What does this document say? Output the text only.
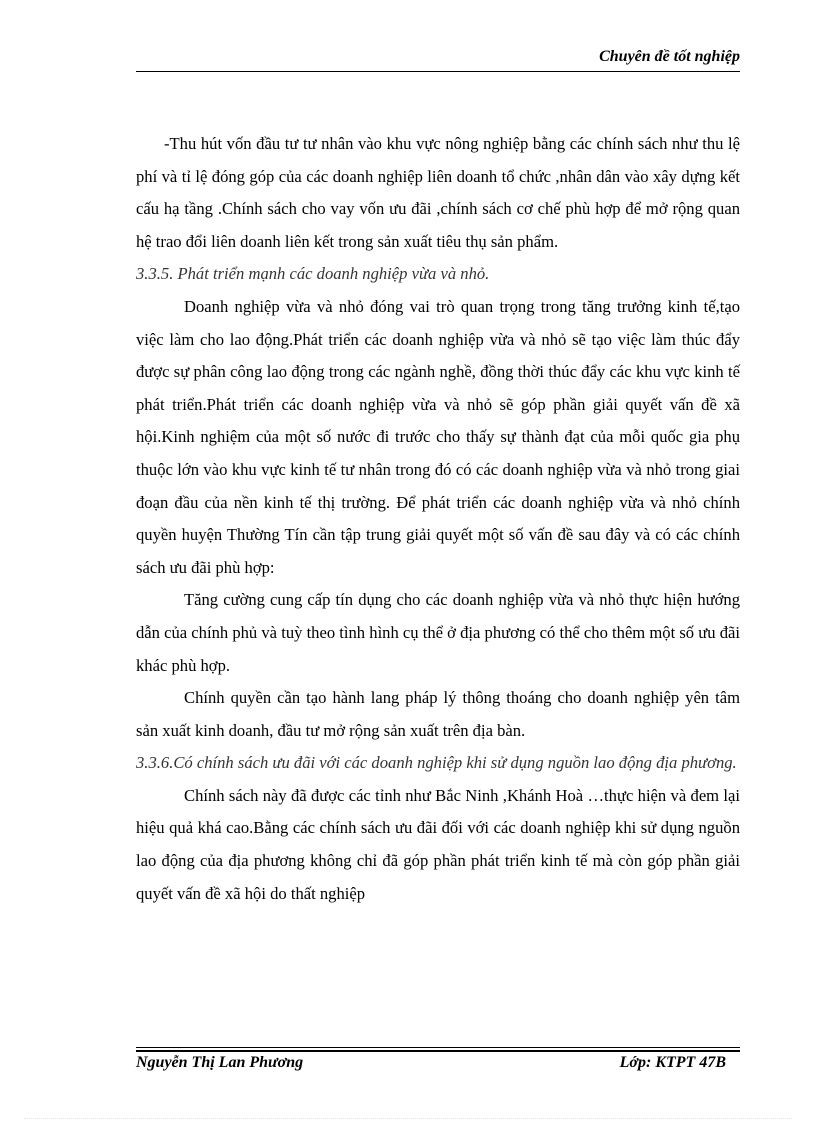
Chuyên đề tốt nghiệp

-Thu hút vốn đầu tư tư nhân vào khu vực nông nghiệp bằng các chính sách như thu lệ phí và tỉ lệ đóng góp của các doanh nghiệp liên doanh tổ chức ,nhân dân vào xây dựng kết cấu hạ tầng .Chính sách cho vay vốn ưu đãi ,chính sách cơ chế phù hợp để mở rộng quan hệ trao đổi liên doanh liên kết trong sản xuất tiêu thụ sản phẩm.

3.3.5. Phát triển mạnh các doanh nghiệp vừa và nhỏ.

Doanh nghiệp vừa và nhỏ đóng vai trò quan trọng trong tăng trưởng kinh tế,tạo việc làm cho lao động.Phát triển các doanh nghiệp vừa và nhỏ sẽ tạo việc làm thúc đẩy được sự phân công lao động trong các ngành nghề, đồng thời thúc đẩy các khu vực kinh tế phát triển.Phát triển các doanh nghiệp vừa và nhỏ sẽ góp phần giải quyết vấn đề xã hội.Kinh nghiệm của một số nước đi trước cho thấy sự thành đạt của mỗi quốc gia phụ thuộc lớn vào khu vực kinh tế tư nhân trong đó có các doanh nghiệp vừa và nhỏ trong giai đoạn đầu của nền kinh tế thị trường. Để phát triển các doanh nghiệp vừa và nhỏ chính quyền huyện Thường Tín cần tập trung giải quyết một số vấn đề sau đây và có các chính sách ưu đãi phù hợp:

Tăng cường cung cấp tín dụng cho các doanh nghiệp vừa và nhỏ thực hiện hướng dẫn của chính phủ và tuỳ theo tình hình cụ thể ở địa phương có thể cho thêm một số ưu đãi khác phù hợp.

Chính quyền cần tạo hành lang pháp lý thông thoáng cho doanh nghiệp yên tâm sản xuất kinh doanh, đầu tư mở rộng sản xuất trên địa bàn.

3.3.6.Có chính sách ưu đãi với các doanh nghiệp khi sử dụng nguồn lao động địa phương.

Chính sách này đã được các tỉnh như Bắc Ninh ,Khánh Hoà …thực hiện và đem lại hiệu quả khá cao.Bằng các chính sách ưu đãi đối với các doanh nghiệp khi sử dụng nguồn lao động của địa phương không chỉ đã góp phần phát triển kinh tế mà còn góp phần giải quyết vấn đề xã hội do thất nghiệp

Nguyễn Thị Lan Phương	Lớp: KTPT 47B
